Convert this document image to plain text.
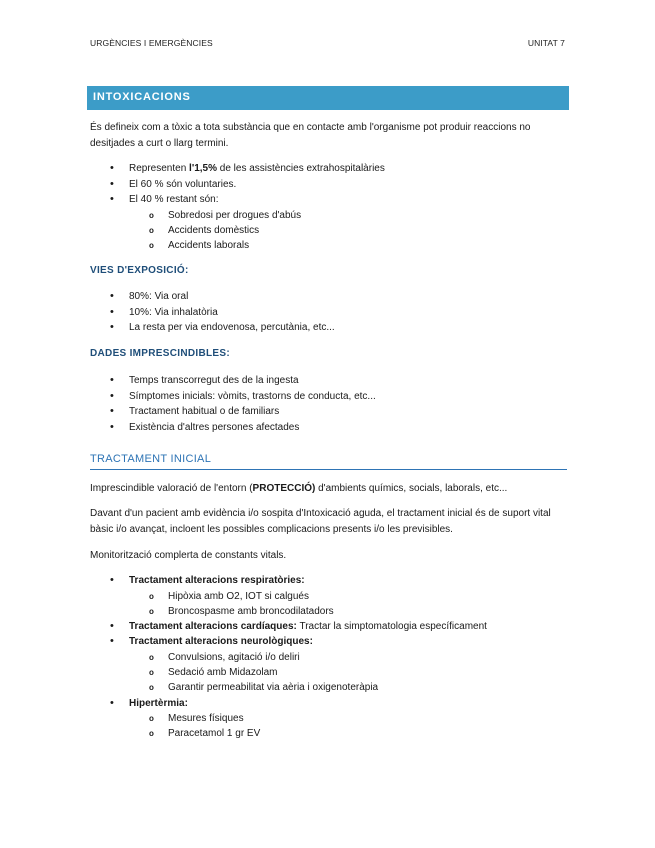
URGÈNCIES I EMERGÈNCIES	UNITAT 7
INTOXICACIONS
És defineix com a tòxic a tota substància que en contacte amb l'organisme pot produir reaccions no desitjades a curt o llarg termini.
• Representen l'1,5% de les assistències extrahospitalàries
• El 60 % són voluntaries.
• El 40 % restant són:
o Sobredosi per drogues d'abús
o Accidents domèstics
o Accidents laborals
VIES D'EXPOSICIÓ:
• 80%: Via oral
• 10%: Via inhalatòria
• La resta per via endovenosa, percutània, etc...
DADES IMPRESCINDIBLES:
• Temps transcorregut des de la ingesta
• Símptomes inicials: vòmits, trastorns de conducta, etc...
• Tractament habitual o de familiars
• Existència d'altres persones afectades
TRACTAMENT INICIAL
Imprescindible valoració de l'entorn (PROTECCIÓ) d'ambients químics, socials, laborals, etc...
Davant d'un pacient amb evidència i/o sospita d'Intoxicació aguda, el tractament inicial és de suport vital bàsic i/o avançat, incloent les possibles complicacions presents i/o les previsibles.
Monitorització complerta de constants vitals.
• Tractament alteracions respiratòries:
o Hipòxia amb O2, IOT si calgués
o Broncospasme amb broncodilatadors
• Tractament alteracions cardíaques: Tractar la simptomatologia específicament
• Tractament alteracions neurològiques:
o Convulsions, agitació i/o deliri
o Sedació amb Midazolam
o Garantir permeabilitat via aèria i oxigenoteràpia
• Hipertèrmia:
o Mesures físiques
o Paracetamol 1 gr EV
